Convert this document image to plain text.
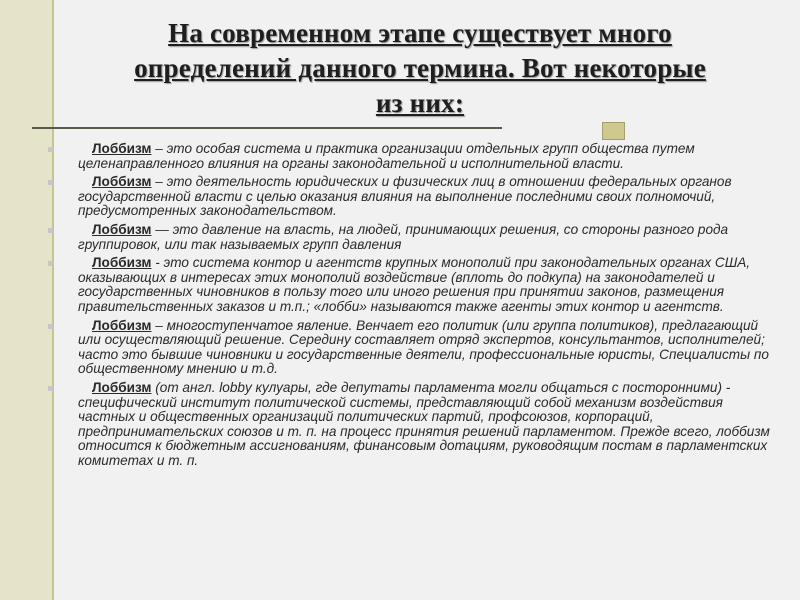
На современном этапе существует много
определений данного термина. Вот некоторые
из них:
Лоббизм – это особая система и практика организации отдельных групп общества путем целенаправленного влияния на органы законодательной и исполнительной власти.
Лоббизм – это деятельность юридических и физических лиц в отношении федеральных органов государственной власти с целью оказания влияния на выполнение последними своих полномочий, предусмотренных законодательством.
Лоббизм — это давление на власть, на людей, принимающих решения, со стороны разного рода группировок, или так называемых групп давления
Лоббизм - это система контор и агентств крупных монополий при законодательных органах США, оказывающих в интересах этих монополий воздействие (вплоть до подкупа) на законодателей и государственных чиновников в пользу того или иного решения при принятии законов, размещения правительственных заказов и т.п.; «лобби» называются также агенты этих контор и агентств.
Лоббизм – многоступенчатое явление. Венчает его политик (или группа политиков), предлагающий или осуществляющий решение. Середину составляет отряд экспертов, консультантов, исполнителей; часто это бывшие чиновники и государственные деятели, профессиональные юристы, Специалисты по общественному мнению и т.д.
Лоббизм (от англ. lobby кулуары, где депутаты парламента могли общаться с посторонними) - специфический институт политической системы, представляющий собой механизм воздействия частных и общественных организаций политических партий, профсоюзов, корпораций, предпринимательских союзов и т. п. на процесс принятия решений парламентом. Прежде всего, лоббизм относится к бюджетным ассигнованиям, финансовым дотациям, руководящим постам в парламентских комитетах и т. п.
